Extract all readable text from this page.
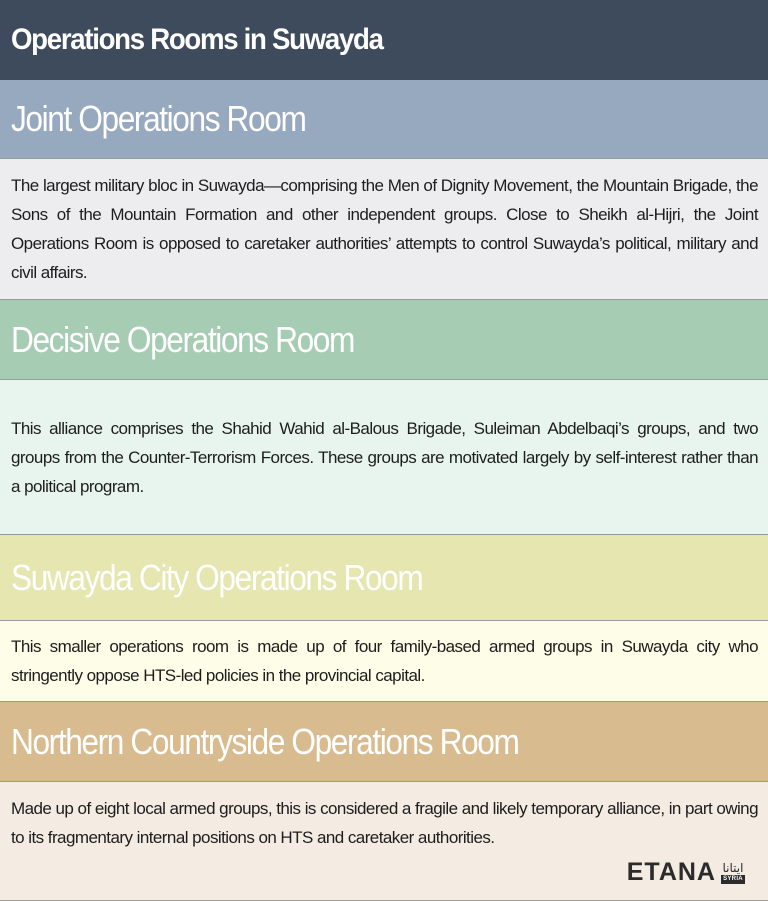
Operations Rooms in Suwayda
Joint Operations Room

The largest military bloc in Suwayda—comprising the Men of Dignity Movement, the Mountain Brigade, the Sons of the Mountain Formation and other independent groups. Close to Sheikh al-Hijri, the Joint Operations Room is opposed to caretaker authorities’ attempts to control Suwayda’s political, military and civil affairs.

Decisive Operations Room

This alliance comprises the Shahid Wahid al-Balous Brigade, Suleiman Abdelbaqi’s groups, and two groups from the Counter-Terrorism Forces. These groups are motivated largely by self-interest rather than a political program.

Suwayda City Operations Room

This smaller operations room is made up of four family-based armed groups in Suwayda city who stringently oppose HTS-led policies in the provincial capital.

Northern Countryside Operations Room

Made up of eight local armed groups, this is considered a fragile and likely temporary alliance, in part owing to its fragmentary internal positions on HTS and caretaker authorities.

ETANA ايتانا
SYRIA
